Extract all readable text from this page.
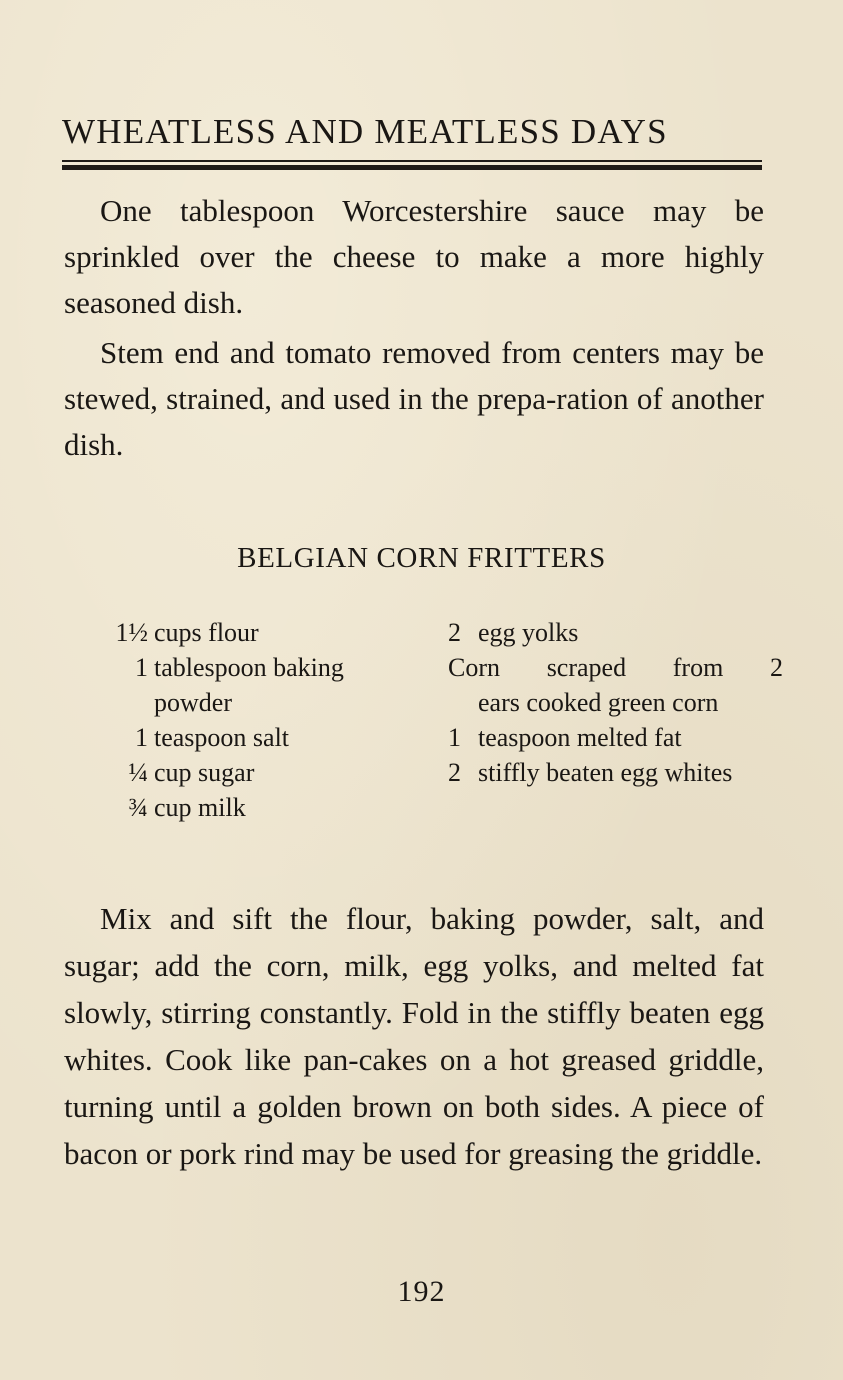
WHEATLESS AND MEATLESS DAYS

One tablespoon Worcestershire sauce may be sprinkled over the cheese to make a more highly seasoned dish.

Stem end and tomato removed from centers may be stewed, strained, and used in the prepa-ration of another dish.

BELGIAN CORN FRITTERS
1½ cups flour
1 tablespoon baking powder
1 teaspoon salt
¼ cup sugar
¾ cup milk
2 egg yolks
Corn scraped from 2
ears cooked green corn
1 teaspoon melted fat
2 stiffly beaten egg whites

Mix and sift the flour, baking powder, salt, and sugar; add the corn, milk, egg yolks, and melted fat slowly, stirring constantly. Fold in the stiffly beaten egg whites. Cook like pan-cakes on a hot greased griddle, turning until a golden brown on both sides. A piece of bacon or pork rind may be used for greasing the griddle.

192
